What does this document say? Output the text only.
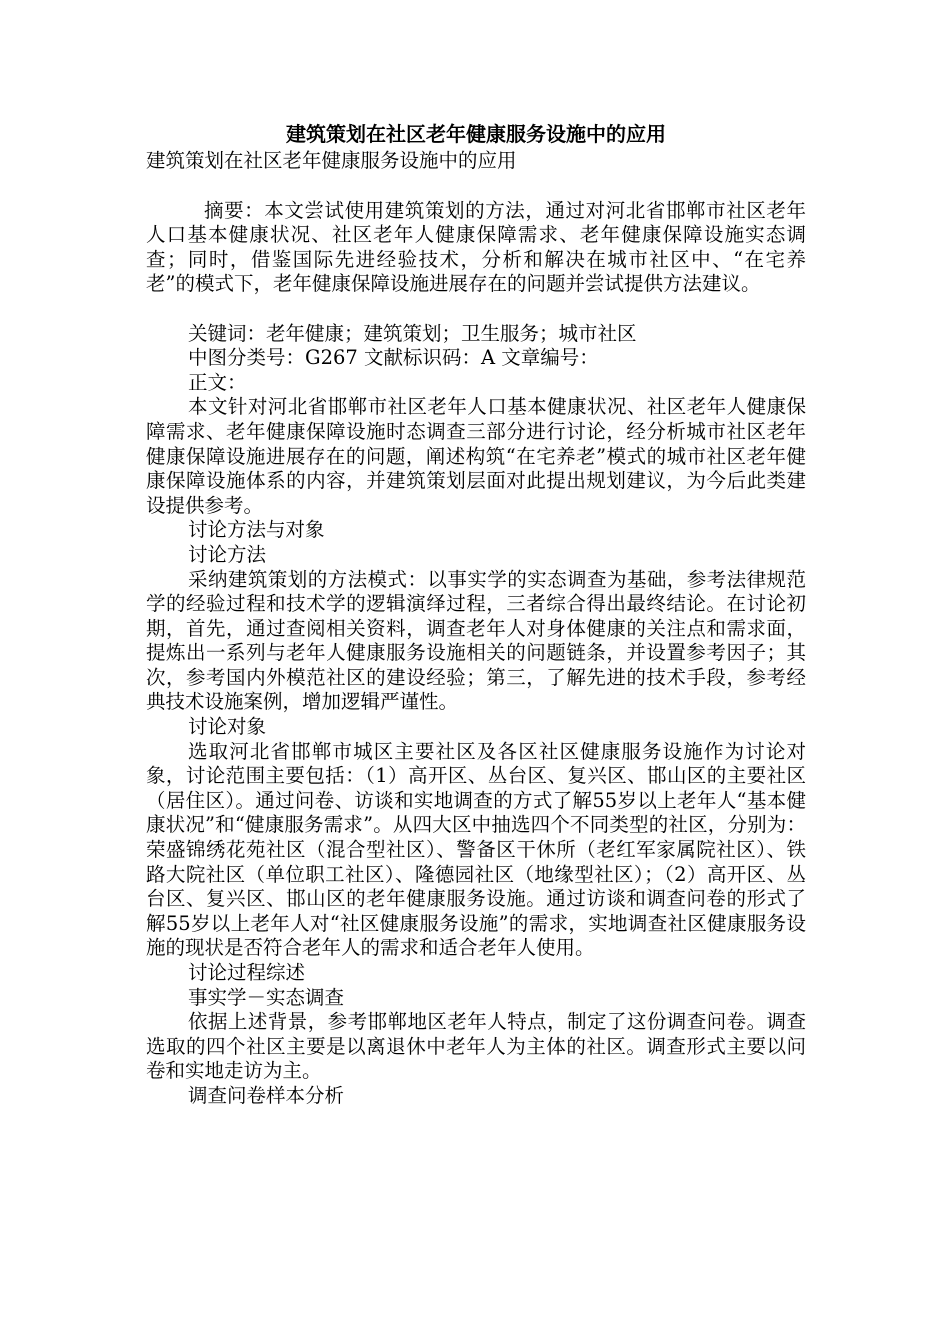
建筑策划在社区老年健康服务设施中的应用

建筑策划在社区老年健康服务设施中的应用

摘要：本文尝试使用建筑策划的方法，通过对河北省邯郸市社区老年人口基本健康状况、社区老年人健康保障需求、老年健康保障设施实态调查；同时，借鉴国际先进经验技术，分析和解决在城市社区中、“在宅养老”的模式下，老年健康保障设施进展存在的问题并尝试提供方法建议。

关键词：老年健康；建筑策划；卫生服务；城市社区

中图分类号：G267 文献标识码：A 文章编号：

正文：

本文针对河北省邯郸市社区老年人口基本健康状况、社区老年人健康保障需求、老年健康保障设施时态调查三部分进行讨论，经分析城市社区老年健康保障设施进展存在的问题，阐述构筑“在宅养老”模式的城市社区老年健康保障设施体系的内容，并建筑策划层面对此提出规划建议，为今后此类建设提供参考。

讨论方法与对象

讨论方法

采纳建筑策划的方法模式：以事实学的实态调查为基础，参考法律规范学的经验过程和技术学的逻辑演绎过程，三者综合得出最终结论。在讨论初期，首先，通过查阅相关资料，调查老年人对身体健康的关注点和需求面，提炼出一系列与老年人健康服务设施相关的问题链条，并设置参考因子；其次，参考国内外模范社区的建设经验；第三，了解先进的技术手段，参考经典技术设施案例，增加逻辑严谨性。

讨论对象

选取河北省邯郸市城区主要社区及各区社区健康服务设施作为讨论对象，讨论范围主要包括：（1）高开区、丛台区、复兴区、邯山区的主要社区（居住区）。通过问卷、访谈和实地调查的方式了解55岁以上老年人“基本健康状况”和“健康服务需求”。从四大区中抽选四个不同类型的社区，分别为：荣盛锦绣花苑社区（混合型社区）、警备区干休所（老红军家属院社区）、铁路大院社区（单位职工社区）、隆德园社区（地缘型社区）；（2）高开区、丛台区、复兴区、邯山区的老年健康服务设施。通过访谈和调查问卷的形式了解55岁以上老年人对“社区健康服务设施”的需求，实地调查社区健康服务设施的现状是否符合老年人的需求和适合老年人使用。

讨论过程综述

事实学－实态调查

依据上述背景，参考邯郸地区老年人特点，制定了这份调查问卷。调查选取的四个社区主要是以离退休中老年人为主体的社区。调查形式主要以问卷和实地走访为主。

调查问卷样本分析
